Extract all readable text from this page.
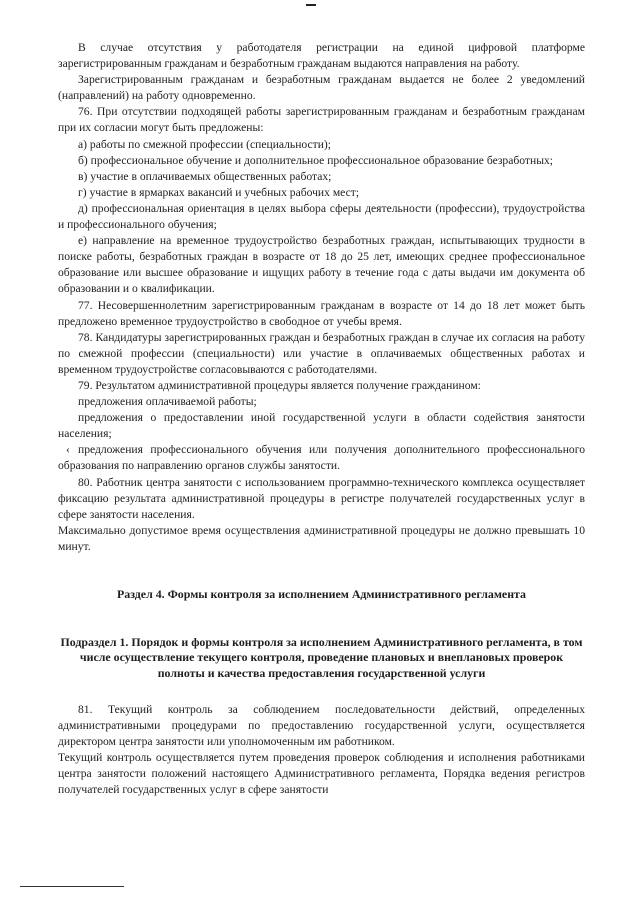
В случае отсутствия у работодателя регистрации на единой цифровой платформе зарегистрированным гражданам и безработным гражданам выдаются направления на работу.

Зарегистрированным гражданам и безработным гражданам выдается не более 2 уведомлений (направлений) на работу одновременно.

76. При отсутствии подходящей работы зарегистрированным гражданам и безработным гражданам при их согласии могут быть предложены:

а) работы по смежной профессии (специальности);

б) профессиональное обучение и дополнительное профессиональное образование безработных;

в) участие в оплачиваемых общественных работах;

г) участие в ярмарках вакансий и учебных рабочих мест;

д) профессиональная ориентация в целях выбора сферы деятельности (профессии), трудоустройства и профессионального обучения;

е) направление на временное трудоустройство безработных граждан, испытывающих трудности в поиске работы, безработных граждан в возрасте от 18 до 25 лет, имеющих среднее профессиональное образование или высшее образование и ищущих работу в течение года с даты выдачи им документа об образовании и о квалификации.

77. Несовершеннолетним зарегистрированным гражданам в возрасте от 14 до 18 лет может быть предложено временное трудоустройство в свободное от учебы время.

78. Кандидатуры зарегистрированных граждан и безработных граждан в случае их согласия на работу по смежной профессии (специальности) или участие в оплачиваемых общественных работах и временном трудоустройстве согласовываются с работодателями.

79. Результатом административной процедуры является получение гражданином:

предложения оплачиваемой работы;

предложения о предоставлении иной государственной услуги в области содействия занятости населения;

‹ предложения профессионального обучения или получения дополнительного профессионального образования по направлению органов службы занятости.

80. Работник центра занятости с использованием программно-технического комплекса осуществляет фиксацию результата административной процедуры в регистре получателей государственных услуг в сфере занятости населения.

Максимально допустимое время осуществления административной процедуры не должно превышать 10 минут.

Раздел 4. Формы контроля за исполнением Административного регламента

Подраздел 1. Порядок и формы контроля за исполнением Административного регламента, в том числе осуществление текущего контроля, проведение плановых и внеплановых проверок полноты и качества предоставления государственной услуги

81. Текущий контроль за соблюдением последовательности действий, определенных административными процедурами по предоставлению государственной услуги, осуществляется директором центра занятости или уполномоченным им работником.

Текущий контроль осуществляется путем проведения проверок соблюдения и исполнения работниками центра занятости положений настоящего Административного регламента, Порядка ведения регистров получателей государственных услуг в сфере занятости
